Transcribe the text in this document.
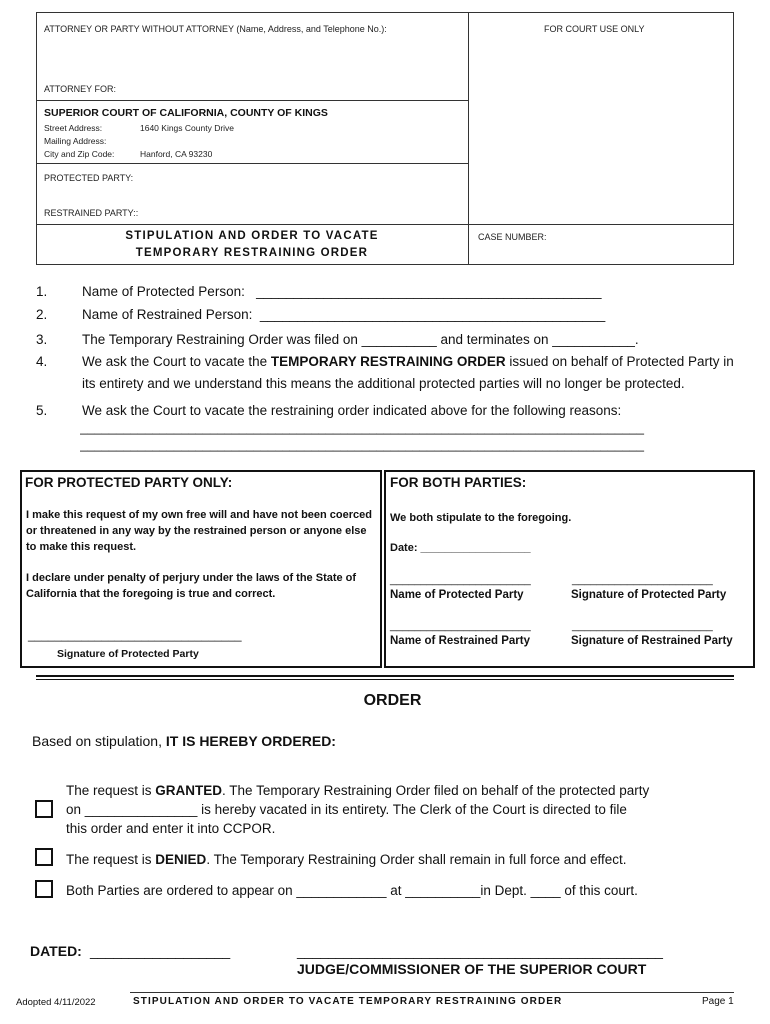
ATTORNEY OR PARTY WITHOUT ATTORNEY (Name, Address, and Telephone No.):	FOR COURT USE ONLY
ATTORNEY FOR:
SUPERIOR COURT OF CALIFORNIA, COUNTY OF KINGS
Street Address:	1640 Kings County Drive
Mailing Address:
City and Zip Code:	Hanford, CA 93230
PROTECTED PARTY:
RESTRAINED PARTY::
STIPULATION AND ORDER TO VACATE
TEMPORARY RESTRAINING ORDER
CASE NUMBER:
1.	Name of Protected Person:   ______________________________________________
2.	Name of Restrained Person:  ______________________________________________
3.	The Temporary Restraining Order was filed on __________ and terminates on ___________.
4.	We ask the Court to vacate the TEMPORARY RESTRAINING ORDER issued on behalf of Protected Party in
its entirety and we understand this means the additional protected parties will no longer be protected.
5.	We ask the Court to vacate the restraining order indicated above for the following reasons:
______________________________________________________________________________
______________________________________________________________________________
FOR PROTECTED PARTY ONLY:
I make this request of my own free will and have not been coerced or threatened in any way by the restrained person or anyone else to make this request.
I declare under penalty of perjury under the laws of the State of California that the foregoing is true and correct.
________________________________
Signature of Protected Party
FOR BOTH PARTIES:
We both stipulate to the foregoing.
Date: __________________
_______________________	_______________________
Name of Protected Party	Signature of Protected Party
_______________________	_______________________
Name of Restrained Party	Signature of Restrained Party
ORDER
Based on stipulation, IT IS HEREBY ORDERED:
The request is GRANTED. The Temporary Restraining Order filed on behalf of the protected party
on _______________ is hereby vacated in its entirety. The Clerk of the Court is directed to file
this order and enter it into CCPOR.
The request is DENIED. The Temporary Restraining Order shall remain in full force and effect.
Both Parties are ordered to appear on ____________ at __________in Dept. ____ of this court.
DATED: __________________	_______________________________________________
JUDGE/COMMISSIONER OF THE SUPERIOR COURT
Adopted 4/11/2022	STIPULATION AND ORDER TO VACATE TEMPORARY RESTRAINING ORDER	Page 1
